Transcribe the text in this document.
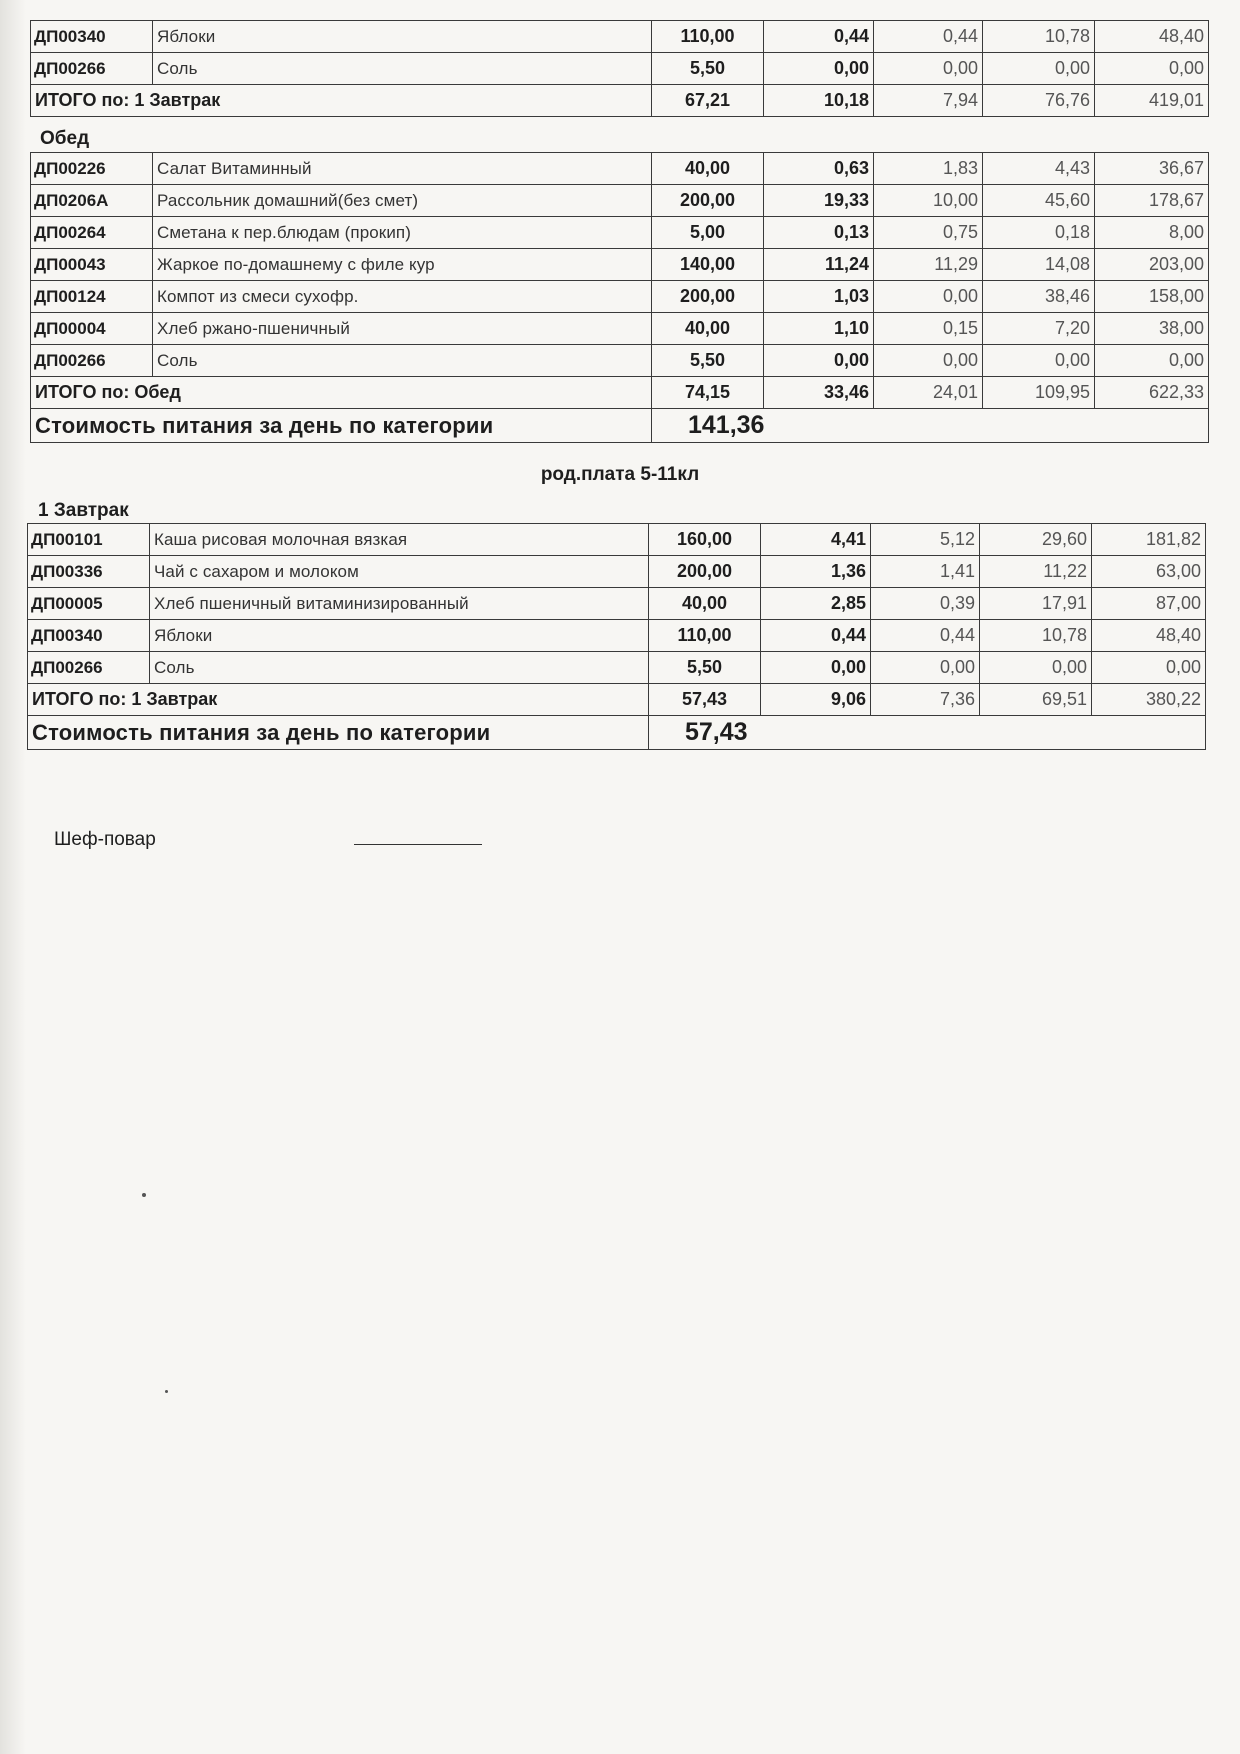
ДП00340	Яблоки	110,00	0,44	0,44	10,78	48,40
ДП00266	Соль	5,50	0,00	0,00	0,00	0,00
ИТОГО по: 1 Завтрак		67,21	10,18	7,94	76,76	419,01
Обед
ДП00226	Салат Витаминный	40,00	0,63	1,83	4,43	36,67
ДП0206А	Рассольник домашний(без смет)	200,00	19,33	10,00	45,60	178,67
ДП00264	Сметана к пер.блюдам (прокип)	5,00	0,13	0,75	0,18	8,00
ДП00043	Жаркое по-домашнему с филе кур	140,00	11,24	11,29	14,08	203,00
ДП00124	Компот из смеси сухофр.	200,00	1,03	0,00	38,46	158,00
ДП00004	Хлеб ржано-пшеничный	40,00	1,10	0,15	7,20	38,00
ДП00266	Соль	5,50	0,00	0,00	0,00	0,00
ИТОГО по: Обед		74,15	33,46	24,01	109,95	622,33
Стоимость питания за день по категории		141,36				
род.плата 5-11кл
1 Завтрак
ДП00101	Каша рисовая молочная вязкая	160,00	4,41	5,12	29,60	181,82
ДП00336	Чай с сахаром и молоком	200,00	1,36	1,41	11,22	63,00
ДП00005	Хлеб пшеничный витаминизированный	40,00	2,85	0,39	17,91	87,00
ДП00340	Яблоки	110,00	0,44	0,44	10,78	48,40
ДП00266	Соль	5,50	0,00	0,00	0,00	0,00
ИТОГО по: 1 Завтрак		57,43	9,06	7,36	69,51	380,22
Стоимость питания за день по категории		57,43				
Шеф-повар
